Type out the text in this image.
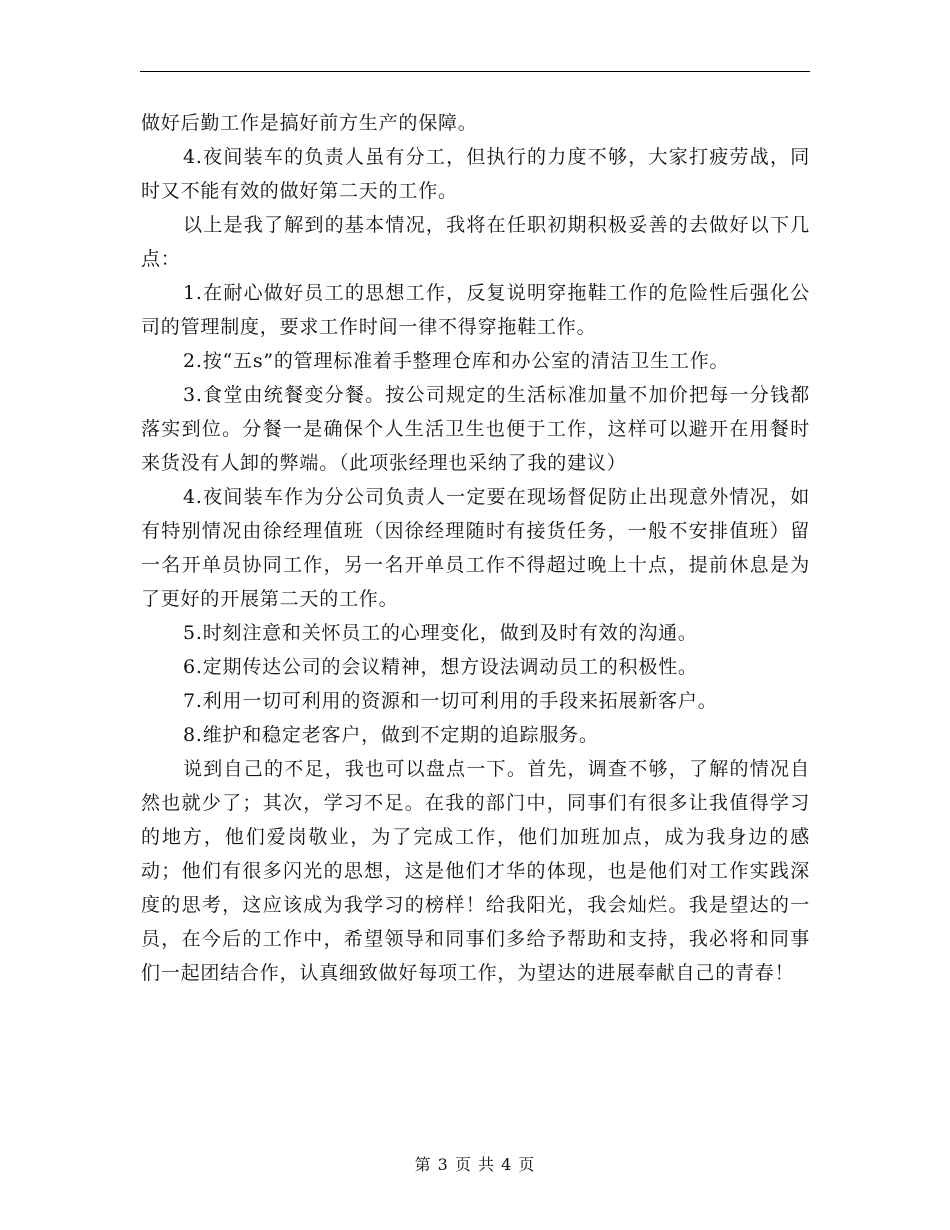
做好后勤工作是搞好前方生产的保障。

4.夜间装车的负责人虽有分工，但执行的力度不够，大家打疲劳战，同时又不能有效的做好第二天的工作。

以上是我了解到的基本情况，我将在任职初期积极妥善的去做好以下几点：

1.在耐心做好员工的思想工作，反复说明穿拖鞋工作的危险性后强化公司的管理制度，要求工作时间一律不得穿拖鞋工作。

2.按“五s”的管理标准着手整理仓库和办公室的清洁卫生工作。

3.食堂由统餐变分餐。按公司规定的生活标准加量不加价把每一分钱都落实到位。分餐一是确保个人生活卫生也便于工作，这样可以避开在用餐时来货没有人卸的弊端。（此项张经理也采纳了我的建议）

4.夜间装车作为分公司负责人一定要在现场督促防止出现意外情况，如有特别情况由徐经理值班（因徐经理随时有接货任务，一般不安排值班）留一名开单员协同工作，另一名开单员工作不得超过晚上十点，提前休息是为了更好的开展第二天的工作。

5.时刻注意和关怀员工的心理变化，做到及时有效的沟通。

6.定期传达公司的会议精神，想方设法调动员工的积极性。

7.利用一切可利用的资源和一切可利用的手段来拓展新客户。

8.维护和稳定老客户，做到不定期的追踪服务。

说到自己的不足，我也可以盘点一下。首先，调查不够，了解的情况自然也就少了；其次，学习不足。在我的部门中，同事们有很多让我值得学习的地方，他们爱岗敬业，为了完成工作，他们加班加点，成为我身边的感动；他们有很多闪光的思想，这是他们才华的体现，也是他们对工作实践深度的思考，这应该成为我学习的榜样！给我阳光，我会灿烂。我是望达的一员，在今后的工作中，希望领导和同事们多给予帮助和支持，我必将和同事们一起团结合作，认真细致做好每项工作，为望达的进展奉献自己的青春！

第 3 页 共 4 页
